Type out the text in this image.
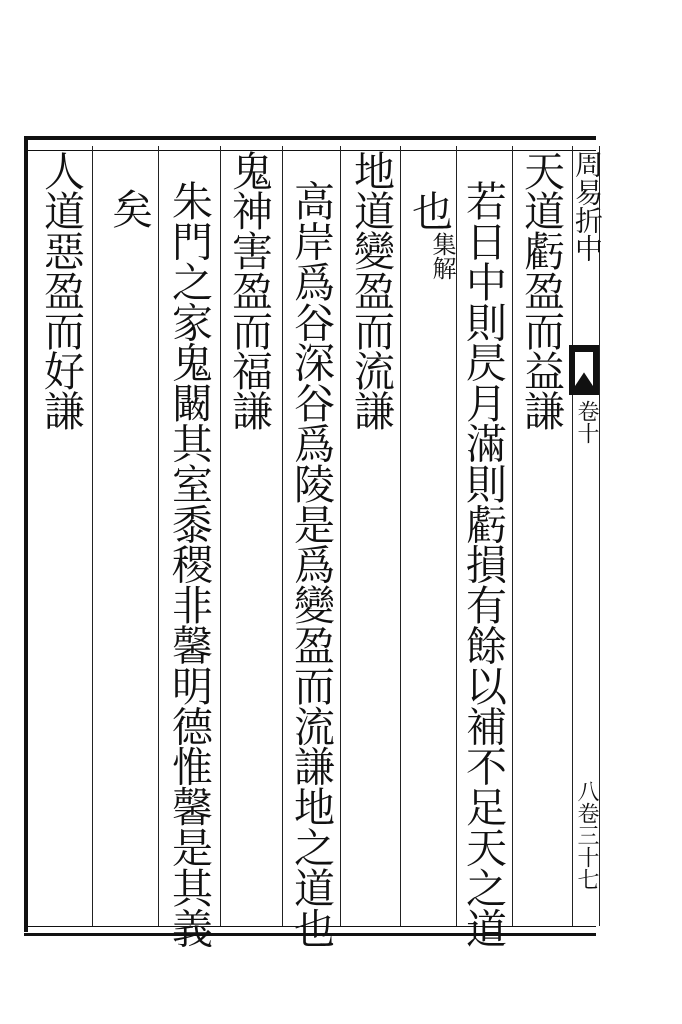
周易折中
卷十
八卷三十七
天道虧盈而益謙
若日中則昃月滿則虧損有餘以補不足天之道
也
集解
地道變盈而流謙
高岸爲谷深谷爲陵是爲變盈而流謙地之道也
鬼神害盈而福謙
朱門之家鬼闞其室黍稷非馨明德惟馨是其義
矣
人道惡盈而好謙
